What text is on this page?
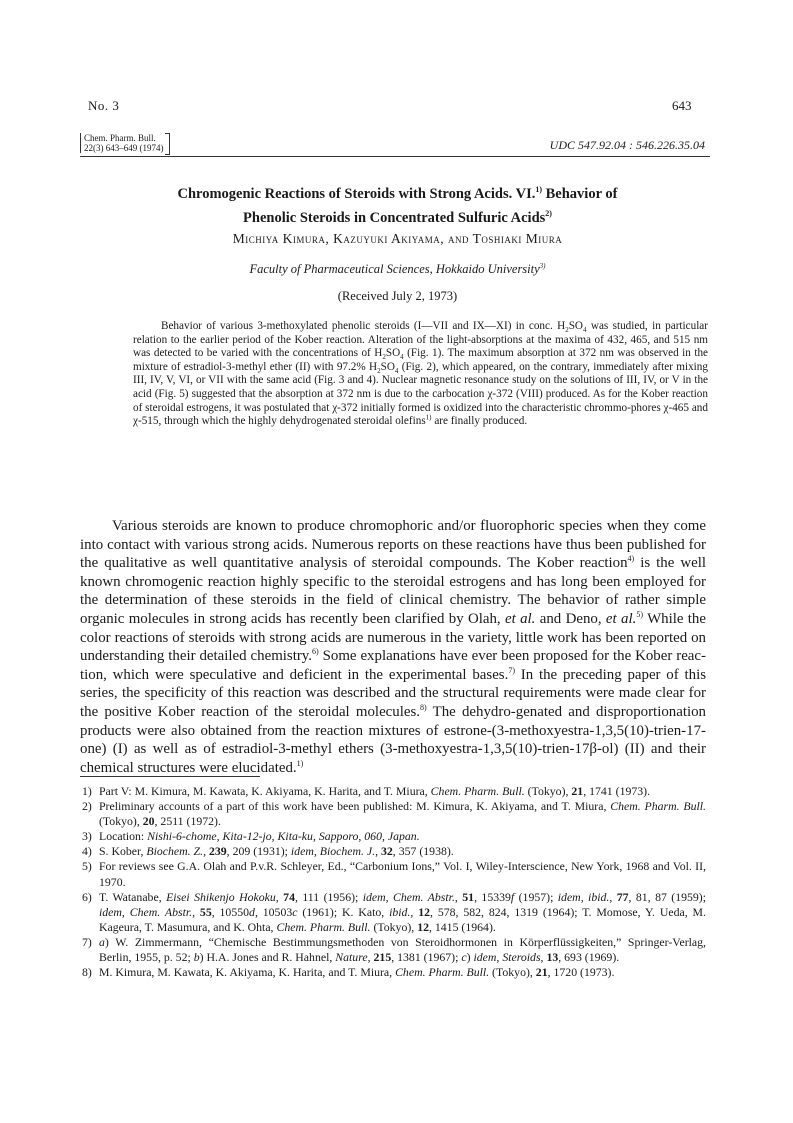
No. 3	643
Chem. Pharm. Bull.
22(3) 643–649 (1974)	UDC 547.92.04 : 546.226.35.04
Chromogenic Reactions of Steroids with Strong Acids. VI.$^{1)}$ Behavior of
Phenolic Steroids in Concentrated Sulfuric Acids$^{2)}$
Michiya Kimura, Kazuyuki Akiyama, and Toshiaki Miura
Faculty of Pharmaceutical Sciences, Hokkaido University$^{3)}$
(Received July 2, 1973)

Behavior of various 3-methoxylated phenolic steroids (I—VII and IX—XI) in conc. $H_2SO_4$ was studied, in particular relation to the earlier period of the Kober reaction. Alteration of the light-absorptions at the maxima of 432, 465, and 515 nm was detected to be varied with the concentrations of $H_2SO_4$ (Fig. 1). The maximum absorption at 372 nm was observed in the mixture of estradiol-3-methyl ether (II) with 97.2% $H_2SO_4$ (Fig. 2), which appeared, on the contrary, immediately after mixing III, IV, V, VI, or VII with the same acid (Fig. 3 and 4). Nuclear magnetic resonance study on the solutions of III, IV, or V in the acid (Fig. 5) suggested that the absorption at 372 nm is due to the carbocation χ-372 (VIII) produced. As for the Kober reaction of steroidal estrogens, it was postulated that χ-372 initially formed is oxidized into the characteristic chrommo-phores χ-465 and χ-515, through which the highly dehydrogenated steroidal olefins$^{1)}$ are finally produced.

Various steroids are known to produce chromophoric and/or fluorophoric species when they come into contact with various strong acids. Numerous reports on these reactions have thus been published for the qualitative as well quantitative analysis of steroidal compounds. The Kober reaction$^{4)}$ is the well known chromogenic reaction highly specific to the steroidal estrogens and has long been employed for the determination of these steroids in the field of clinical chemistry. The behavior of rather simple organic molecules in strong acids has recently been clarified by Olah, et al. and Deno, et al.$^{5)}$ While the color reactions of steroids with strong acids are numerous in the variety, little work has been reported on understanding their detailed chemistry.$^{6)}$ Some explanations have ever been proposed for the Kober reac-tion, which were speculative and deficient in the experimental bases.$^{7)}$ In the preceding paper of this series, the specificity of this reaction was described and the structural requirements were made clear for the positive Kober reaction of the steroidal molecules.$^{8)}$ The dehydro-genated and disproportionation products were also obtained from the reaction mixtures of estrone-(3-methoxyestra-1,3,5(10)-trien-17-one) (I) as well as of estradiol-3-methyl ethers (3-methoxyestra-1,3,5(10)-trien-17β-ol) (II) and their chemical structures were elucidated.$^{1)}$

1) Part V: M. Kimura, M. Kawata, K. Akiyama, K. Harita, and T. Miura, Chem. Pharm. Bull. (Tokyo), 21, 1741 (1973).
2) Preliminary accounts of a part of this work have been published: M. Kimura, K. Akiyama, and T. Miura, Chem. Pharm. Bull. (Tokyo), 20, 2511 (1972).
3) Location: Nishi-6-chome, Kita-12-jo, Kita-ku, Sapporo, 060, Japan.
4) S. Kober, Biochem. Z., 239, 209 (1931); idem, Biochem. J., 32, 357 (1938).
5) For reviews see G.A. Olah and P.v.R. Schleyer, Ed., “Carbonium Ions,” Vol. I, Wiley-Interscience, New York, 1968 and Vol. II, 1970.
6) T. Watanabe, Eisei Shikenjo Hokoku, 74, 111 (1956); idem, Chem. Abstr., 51, 15339f (1957); idem, ibid., 77, 81, 87 (1959); idem, Chem. Abstr., 55, 10550d, 10503c (1961); K. Kato, ibid., 12, 578, 582, 824, 1319 (1964); T. Momose, Y. Ueda, M. Kageura, T. Masumura, and K. Ohta, Chem. Pharm. Bull. (Tokyo), 12, 1415 (1964).
7) a) W. Zimmermann, “Chemische Bestimmungsmethoden von Steroidhormonen in Körperflüssigkeiten,” Springer-Verlag, Berlin, 1955, p. 52; b) H.A. Jones and R. Hahnel, Nature, 215, 1381 (1967); c) idem, Steroids, 13, 693 (1969).
8) M. Kimura, M. Kawata, K. Akiyama, K. Harita, and T. Miura, Chem. Pharm. Bull. (Tokyo), 21, 1720 (1973).
